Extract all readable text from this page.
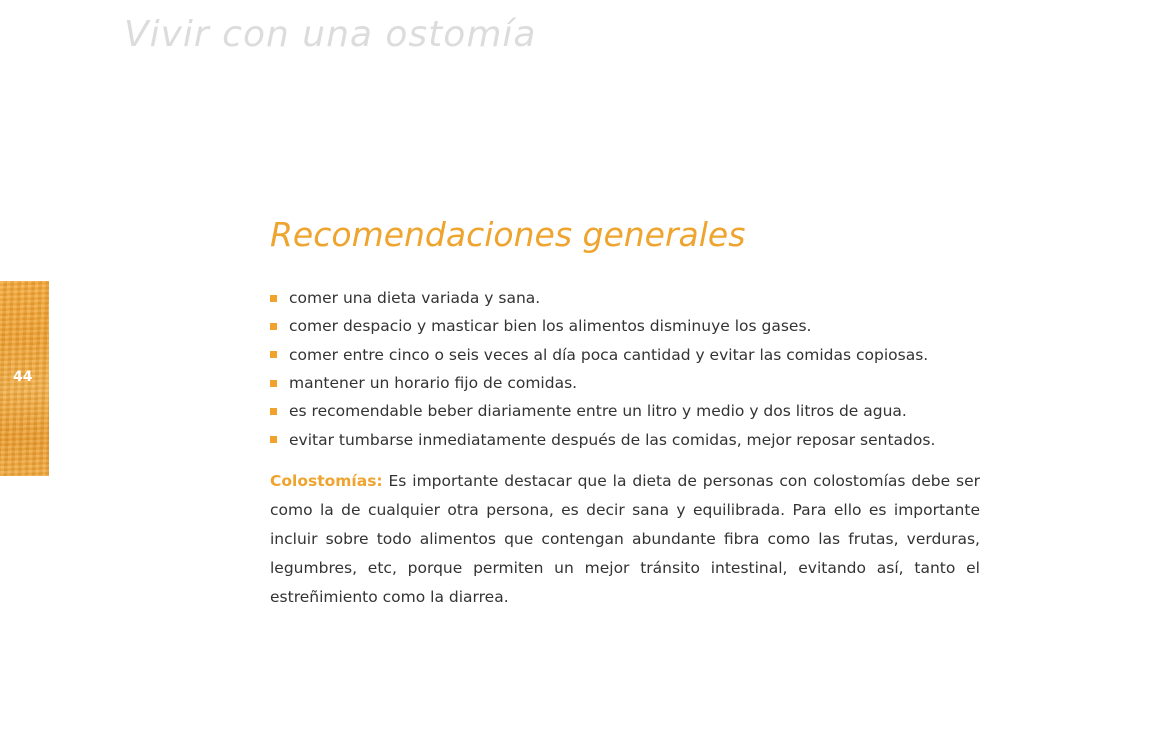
Vivir con una ostomía
44
Recomendaciones generales
comer una dieta variada y sana.
comer despacio y masticar bien los alimentos disminuye los gases.
comer entre cinco o seis veces al día poca cantidad y evitar las comidas copiosas.
mantener un horario fijo de comidas.
es recomendable beber diariamente entre un litro y medio y dos litros de agua.
evitar tumbarse inmediatamente después de las comidas, mejor reposar sentados.

Colostomías: Es importante destacar que la dieta de personas con colostomías debe ser como la de cualquier otra persona, es decir sana y equilibrada. Para ello es importante incluir sobre todo alimentos que contengan abundante fibra como las frutas, verduras, legumbres, etc, porque permiten un mejor tránsito intestinal, evitando así, tanto el estreñimiento como la diarrea.
